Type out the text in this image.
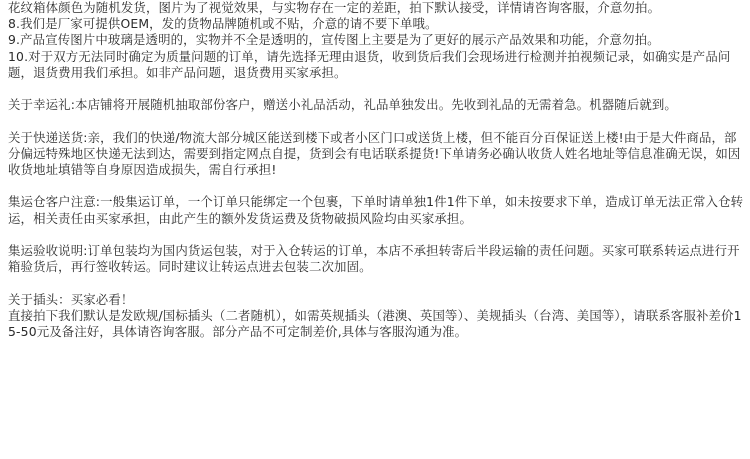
花纹箱体颜色为随机发货，图片为了视觉效果，与实物存在一定的差距，拍下默认接受，详情请咨询客服，介意勿拍。

8.我们是厂家可提供OEM，发的货物品牌随机或不贴，介意的请不要下单哦。

9.产品宣传图片中玻璃是透明的，实物并不全是透明的，宣传图上主要是为了更好的展示产品效果和功能，介意勿拍。

10.对于双方无法同时确定为质量问题的订单，请先选择无理由退货，收到货后我们会现场进行检测并拍视频记录，如确实是产品问题，退货费用我们承担。如非产品问题，退货费用买家承担。

关于幸运礼:本店铺将开展随机抽取部份客户，赠送小礼品活动，礼品单独发出。先收到礼品的无需着急。机器随后就到。

关于快递送货:亲，我们的快递/物流大部分城区能送到楼下或者小区门口或送货上楼，但不能百分百保证送上楼!由于是大件商品，部分偏远特殊地区快递无法到达，需要到指定网点自提，货到会有电话联系提货!下单请务必确认收货人姓名地址等信息准确无误，如因收货地址填错等自身原因造成损失，需自行承担!

集运仓客户注意:一般集运订单，一个订单只能绑定一个包裹，下单时请单独1件1件下单，如未按要求下单，造成订单无法正常入仓转运，相关责任由买家承担，由此产生的额外发货运费及货物破损风险均由买家承担。

集运验收说明:订单包装均为国内货运包装，对于入仓转运的订单，本店不承担转寄后半段运输的责任问题。买家可联系转运点进行开箱验货后，再行签收转运。同时建议让转运点进去包装二次加固。

关于插头：买家必看！

直接拍下我们默认是发欧规/国标插头（二者随机），如需英规插头（港澳、英国等）、美规插头（台湾、美国等），请联系客服补差价15-50元及备注好，具体请咨询客服。部分产品不可定制差价,具体与客服沟通为准。
